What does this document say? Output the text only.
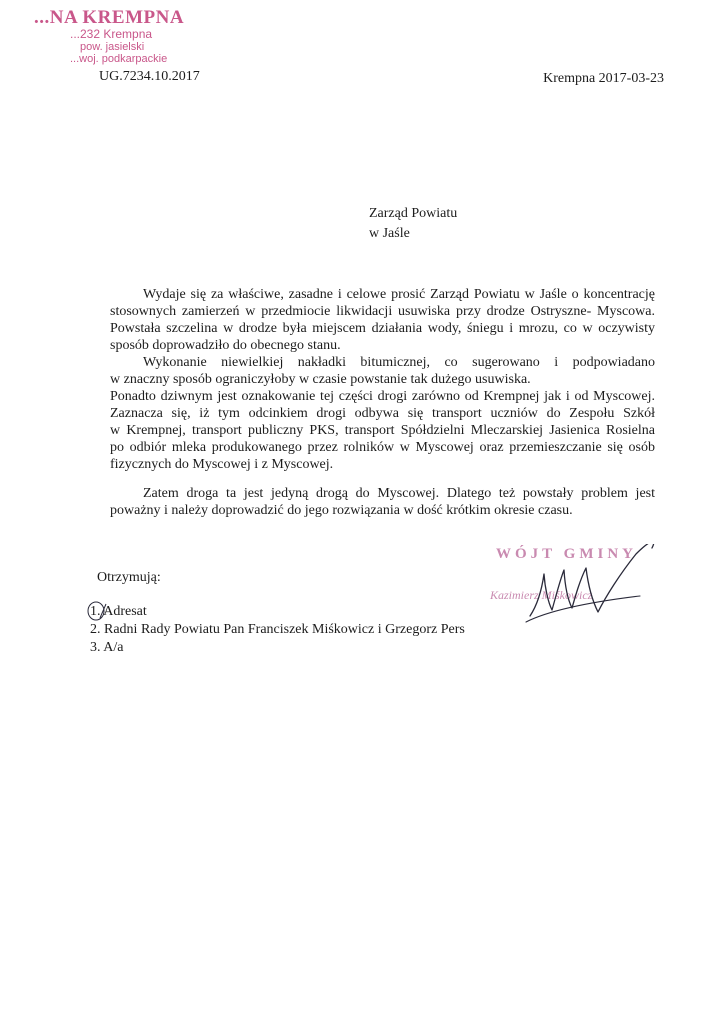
...NA KREMPNA
...232 Krempna
pow. jasielski
...woj. podkarpackie
UG.7234.10.2017	Krempna 2017-03-23
Zarząd Powiatu
w Jaśle
Wydaje się za właściwe, zasadne i celowe prosić Zarząd Powiatu w Jaśle o koncentrację
stosownych zamierzeń w przedmiocie likwidacji usuwiska przy drodze Ostryszne- Myscowa.
Powstała szczelina w drodze była miejscem działania wody, śniegu i mrozu, co w oczywisty
sposób doprowadziło do obecnego stanu.
Wykonanie niewielkiej nakładki bitumicznej, co sugerowano i podpowiadano
w znaczny sposób ograniczyłoby w czasie powstanie tak dużego usuwiska.
Ponadto dziwnym jest oznakowanie tej części drogi zarówno od Krempnej jak i od Myscowej.
Zaznacza się, iż tym odcinkiem drogi odbywa się transport uczniów do Zespołu Szkół
w Krempnej, transport publiczny PKS, transport Spółdzielni Mleczarskiej Jasienica Rosielna
po odbiór mleka produkowanego przez rolników w Myscowej oraz przemieszczanie się osób
fizycznych do Myscowej i z Myscowej.
Zatem droga ta jest jedyną drogą do Myscowej. Dlatego też powstały problem jest
poważny i należy doprowadzić do jego rozwiązania w dość krótkim okresie czasu.
WÓJT GMINY
Kazimierz Miśkowicz
Otrzymują:
1. Adresat
2. Radni Rady Powiatu Pan Franciszek Miśkowicz i Grzegorz Pers
3. A/a
